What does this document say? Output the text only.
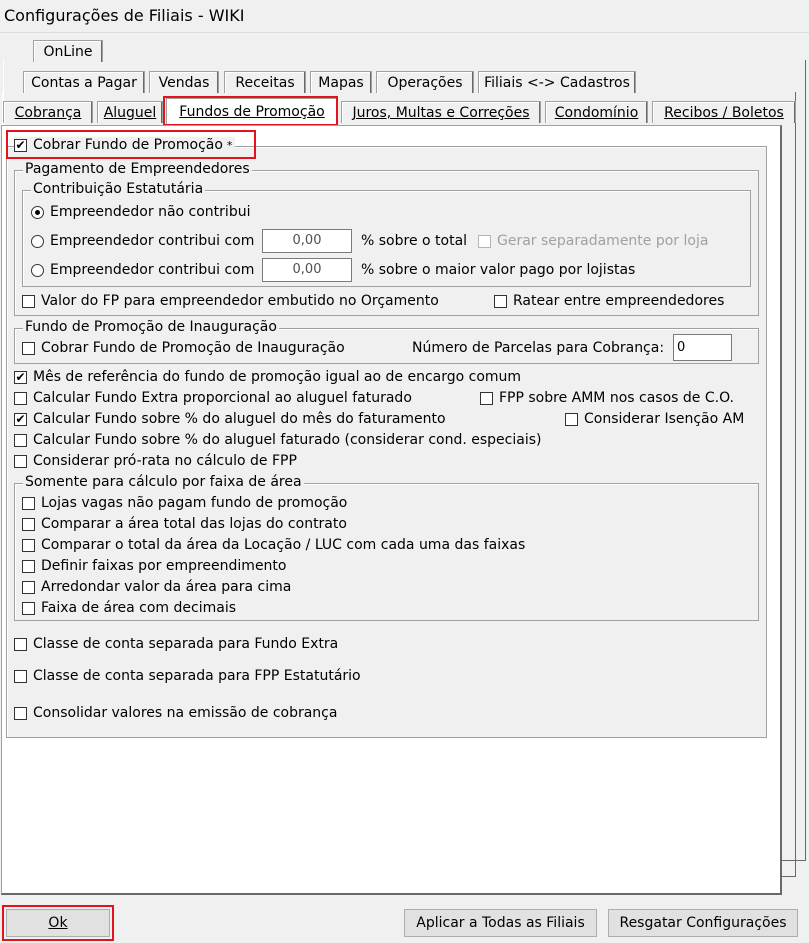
Configurações de Filiais - WIKI
OnLine
Contas a Pagar	Vendas	Receitas	Mapas	Operações	Filiais <-> Cadastros
Cobrança	Aluguel	Fundos de Promoção	Juros, Multas e Correções	Condomínio	Recibos / Boletos
✔ Cobrar Fundo de Promoção *
Pagamento de Empreendedores
Contribuição Estatutária
Empreendedor não contribui
Empreendedor contribui com	0,00	% sobre o total Gerar separadamente por loja
Empreendedor contribui com	0,00	% sobre o maior valor pago por lojistas
Valor do FP para empreendedor embutido no Orçamento	Ratear entre empreendedores
Fundo de Promoção de Inauguração
Cobrar Fundo de Promoção de Inauguração	Número de Parcelas para Cobrança: 0
✔ Mês de referência do fundo de promoção igual ao de encargo comum
Calcular Fundo Extra proporcional ao aluguel faturado	FPP sobre AMM nos casos de C.O.
✔ Calcular Fundo sobre % do aluguel do mês do faturamento	Considerar Isenção AM
Calcular Fundo sobre % do aluguel faturado (considerar cond. especiais)
Considerar pró-rata no cálculo de FPP
Somente para cálculo por faixa de área
Lojas vagas não pagam fundo de promoção
Comparar a área total das lojas do contrato
Comparar o total da área da Locação / LUC com cada uma das faixas
Definir faixas por empreendimento
Arredondar valor da área para cima
Faixa de área com decimais
Classe de conta separada para Fundo Extra
Classe de conta separada para FPP Estatutário
Consolidar valores na emissão de cobrança
Ok	Aplicar a Todas as Filiais Resgatar Configurações
